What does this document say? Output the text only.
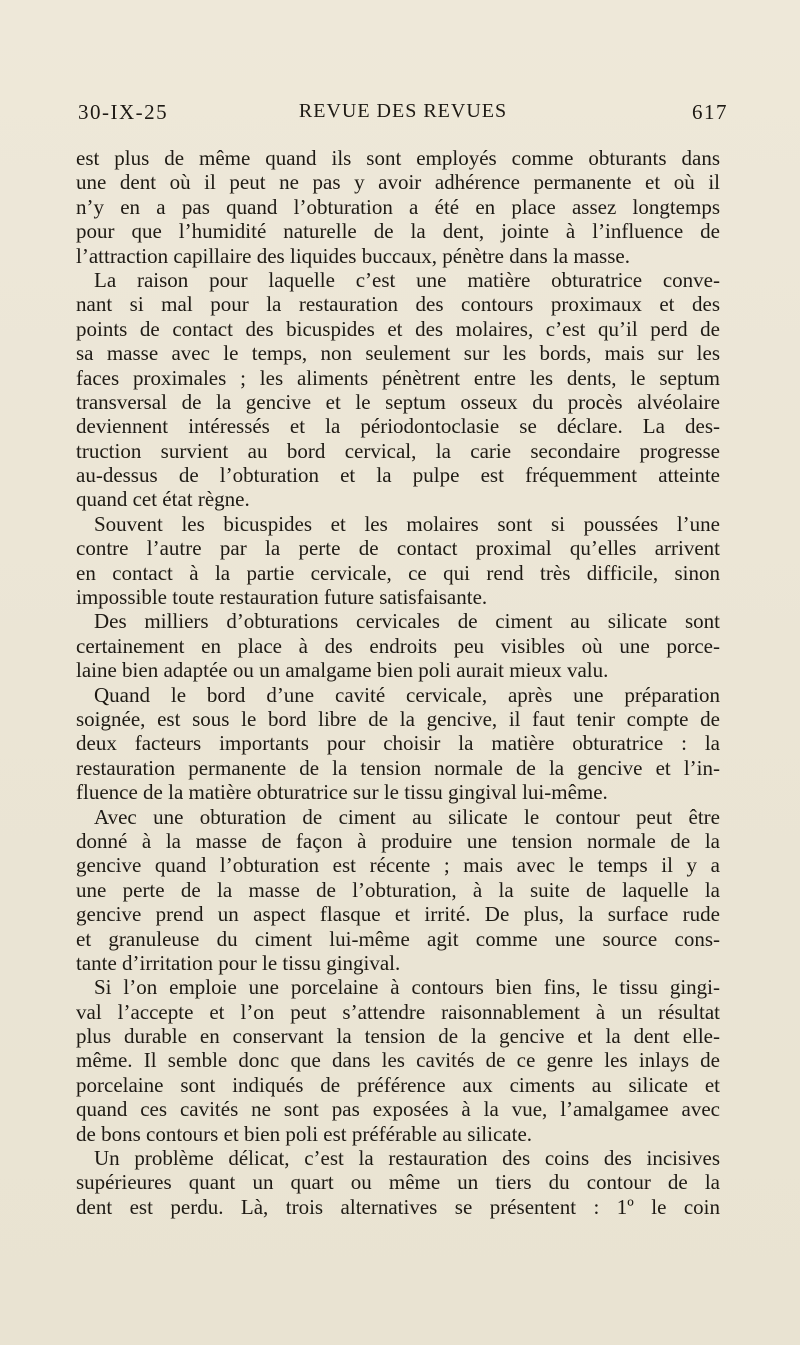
30-IX-25	REVUE DES REVUES	617
est plus de même quand ils sont employés comme obturants dans
une dent où il peut ne pas y avoir adhérence permanente et où il
n’y en a pas quand l’obturation a été en place assez longtemps
pour que l’humidité naturelle de la dent, jointe à l’influence de
l’attraction capillaire des liquides buccaux, pénètre dans la masse.
La raison pour laquelle c’est une matière obturatrice conve-
nant si mal pour la restauration des contours proximaux et des
points de contact des bicuspides et des molaires, c’est qu’il perd de
sa masse avec le temps, non seulement sur les bords, mais sur les
faces proximales ; les aliments pénètrent entre les dents, le septum
transversal de la gencive et le septum osseux du procès alvéolaire
deviennent intéressés et la périodontoclasie se déclare. La des-
truction survient au bord cervical, la carie secondaire progresse
au-dessus de l’obturation et la pulpe est fréquemment atteinte
quand cet état règne.
Souvent les bicuspides et les molaires sont si poussées l’une
contre l’autre par la perte de contact proximal qu’elles arrivent
en contact à la partie cervicale, ce qui rend très difficile, sinon
impossible toute restauration future satisfaisante.
Des milliers d’obturations cervicales de ciment au silicate sont
certainement en place à des endroits peu visibles où une porce-
laine bien adaptée ou un amalgame bien poli aurait mieux valu.
Quand le bord d’une cavité cervicale, après une préparation
soignée, est sous le bord libre de la gencive, il faut tenir compte de
deux facteurs importants pour choisir la matière obturatrice : la
restauration permanente de la tension normale de la gencive et l’in-
fluence de la matière obturatrice sur le tissu gingival lui-même.
Avec une obturation de ciment au silicate le contour peut être
donné à la masse de façon à produire une tension normale de la
gencive quand l’obturation est récente ; mais avec le temps il y a
une perte de la masse de l’obturation, à la suite de laquelle la
gencive prend un aspect flasque et irrité. De plus, la surface rude
et granuleuse du ciment lui-même agit comme une source cons-
tante d’irritation pour le tissu gingival.
Si l’on emploie une porcelaine à contours bien fins, le tissu gingi-
val l’accepte et l’on peut s’attendre raisonnablement à un résultat
plus durable en conservant la tension de la gencive et la dent elle-
même. Il semble donc que dans les cavités de ce genre les inlays de
porcelaine sont indiqués de préférence aux ciments au silicate et
quand ces cavités ne sont pas exposées à la vue, l’amalgamee avec
de bons contours et bien poli est préférable au silicate.
Un problème délicat, c’est la restauration des coins des incisives
supérieures quant un quart ou même un tiers du contour de la
dent est perdu. Là, trois alternatives se présentent : 1º le coin
